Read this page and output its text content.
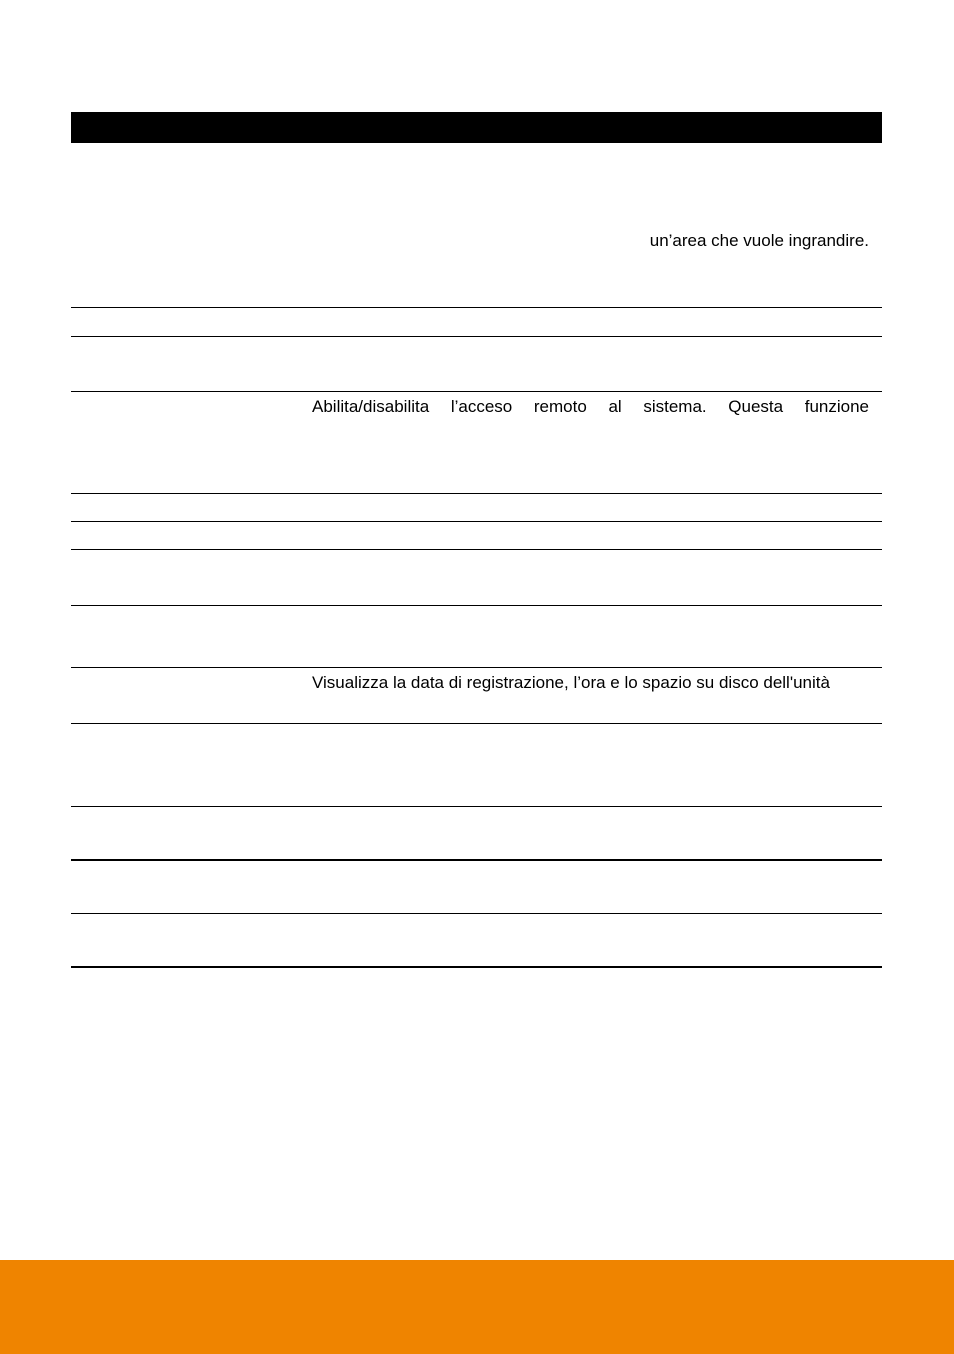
un’area che vuole ingrandire.
Abilita/disabilita l’acceso remoto al sistema. Questa funzione
Visualizza la data di registrazione, l’ora e lo spazio su disco dell'unità
